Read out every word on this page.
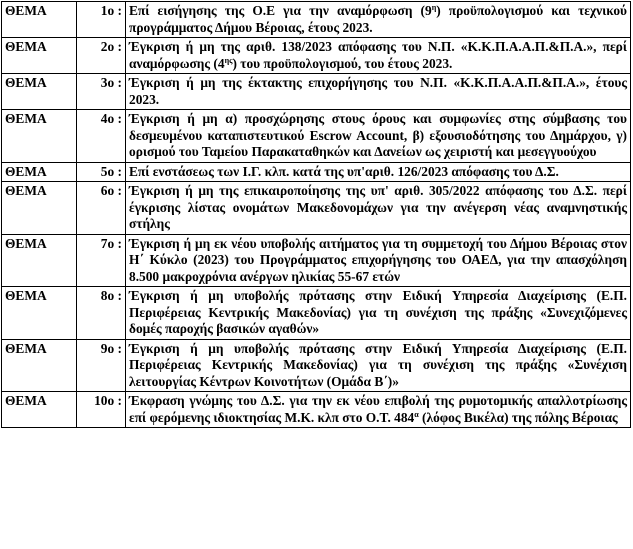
ΘΕΜΑ	1ο :	Επί εισήγησης της Ο.Ε για την αναμόρφωση $(9^\eta)$ προϋπολογισμού και τεχνικού προγράμματος Δήμου Βέροιας, έτους 2023.
ΘΕΜΑ	2ο :	Έγκριση ή μη της αριθ. 138/2023 απόφασης του Ν.Π. «Κ.Κ.Π.Α.Α.Π.&Π.Α.», περί αναμόρφωσης $(4^{\eta\varsigma})$ του προϋπολογισμού, του έτους 2023.
ΘΕΜΑ	3ο :	Έγκριση ή μη της έκτακτης επιχορήγησης του Ν.Π. «Κ.Κ.Π.Α.Α.Π.&Π.Α.», έτους 2023.
ΘΕΜΑ	4ο :	Έγκριση ή μη α) προσχώρησης στους όρους και συμφωνίες στης σύμβασης του δεσμευμένου καταπιστευτικού Escrow Account, β) εξουσιοδότησης του Δημάρχου, γ) ορισμού του Ταμείου Παρακαταθηκών και Δανείων ως χειριστή και μεσεγγυούχου
ΘΕΜΑ	5ο :	Επί ενστάσεως των Ι.Γ. κλπ. κατά της υπ'αριθ. 126/2023 απόφασης του Δ.Σ.
ΘΕΜΑ	6ο :	Έγκριση ή μη της επικαιροποίησης της υπ' αριθ. 305/2022 απόφασης του Δ.Σ. περί έγκρισης λίστας ονομάτων Μακεδονομάχων για την ανέγερση νέας αναμνηστικής στήλης
ΘΕΜΑ	7ο :	Έγκριση ή μη εκ νέου υποβολής αιτήματος για τη συμμετοχή του Δήμου Βέροιας στον Η΄ Κύκλο (2023) του Προγράμματος επιχορήγησης του ΟΑΕΔ, για την απασχόληση 8.500 μακροχρόνια ανέργων ηλικίας 55-67 ετών
ΘΕΜΑ	8ο :	Έγκριση ή μη υποβολής πρότασης στην Ειδική Υπηρεσία Διαχείρισης (Ε.Π. Περιφέρειας Κεντρικής Μακεδονίας) για τη συνέχιση της πράξης «Συνεχιζόμενες δομές παροχής βασικών αγαθών»
ΘΕΜΑ	9ο :	Έγκριση ή μη υποβολής πρότασης στην Ειδική Υπηρεσία Διαχείρισης (Ε.Π. Περιφέρειας Κεντρικής Μακεδονίας) για τη συνέχιση της πράξης «Συνέχιση λειτουργίας Κέντρων Κοινοτήτων (Ομάδα Β΄)»
ΘΕΜΑ	10ο :	Έκφραση γνώμης του Δ.Σ. για την εκ νέου επιβολή της ρυμοτομικής απαλλοτρίωσης επί φερόμενης ιδιοκτησίας Μ.Κ. κλπ στο Ο.Τ. $484^\alpha$ (λόφος Βικέλα) της πόλης Βέροιας
